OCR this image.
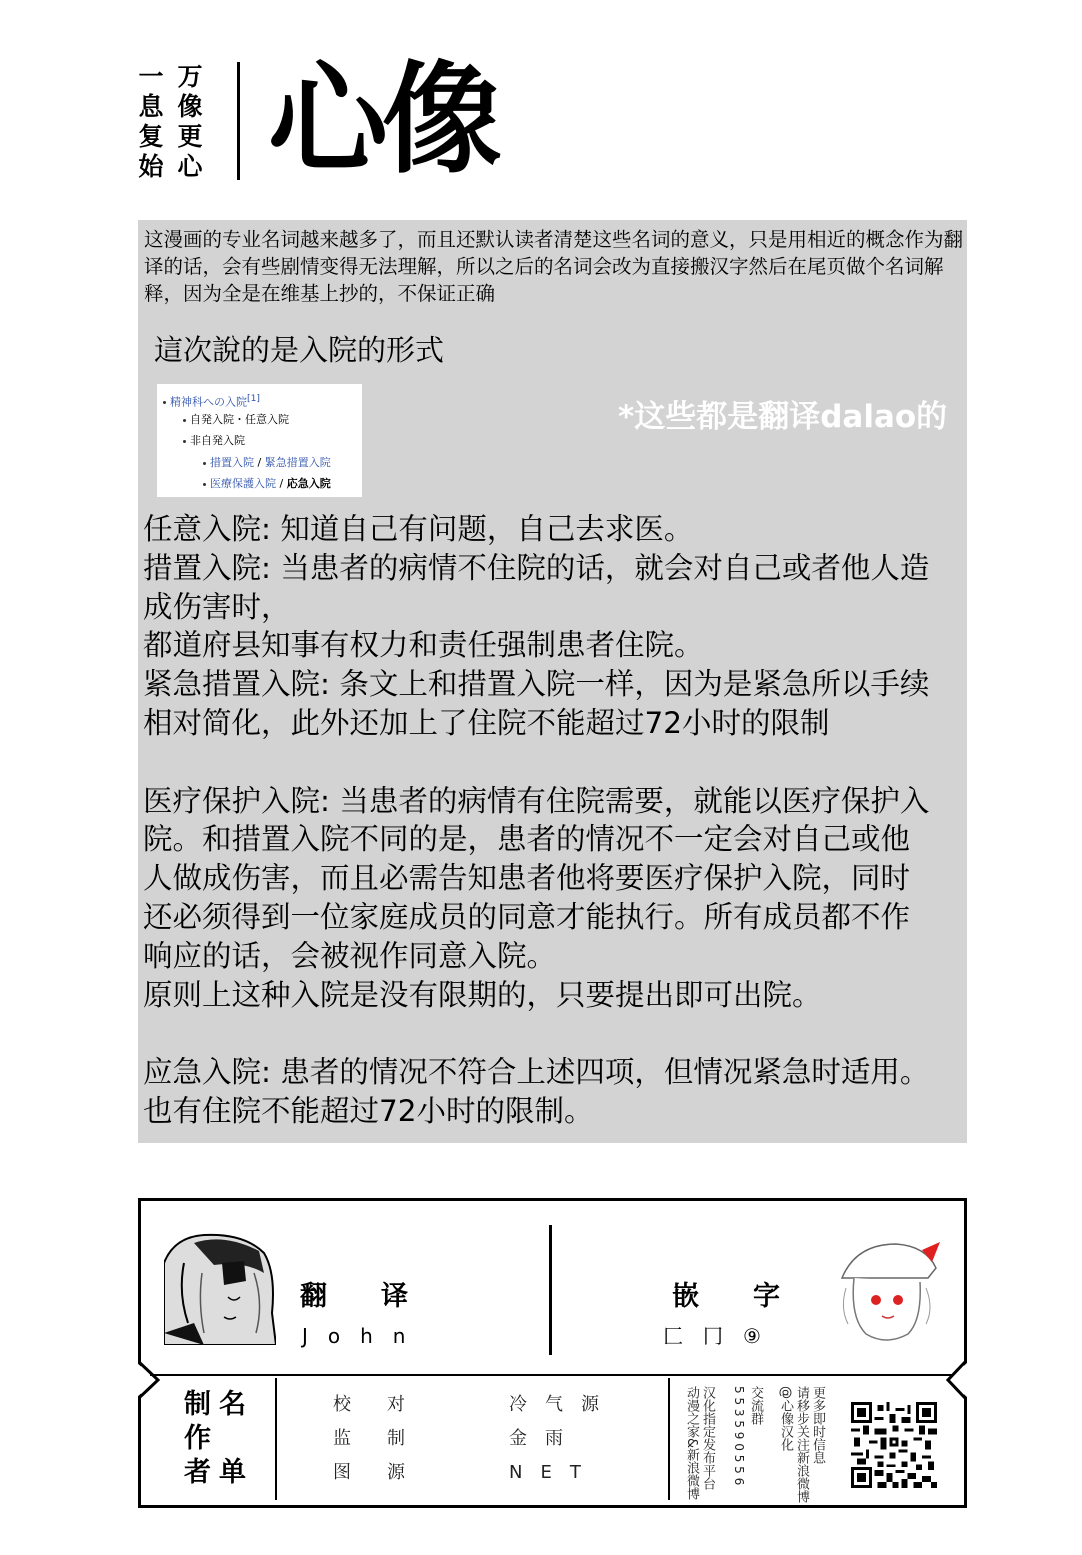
一
息
复
始
万
像
更
心 心像
这漫画的专业名词越来越多了，而且还默认读者清楚这些名词的意义，只是用相近的概念作为翻译的话，会有些剧情变得无法理解，所以之后的名词会改为直接搬汉字然后在尾页做个名词解释，因为全是在维基上抄的，不保证正确
這次說的是入院的形式
精神科への入院[1]
自発入院・任意入院
非自発入院
措置入院 / 緊急措置入院
医療保護入院 / 応急入院
*这些都是翻译dalao的

任意入院: 知道自己有问题，自己去求医。

措置入院: 当患者的病情不住院的话，就会对自己或者他人造

成伤害时，

都道府县知事有权力和责任强制患者住院。

紧急措置入院: 条文上和措置入院一样，因为是紧急所以手续

相对简化，此外还加上了住院不能超过72小时的限制

医疗保护入院: 当患者的病情有住院需要，就能以医疗保护入

院。和措置入院不同的是，患者的情况不一定会对自己或他

人做成伤害，而且必需告知患者他将要医疗保护入院，同时

还必须得到一位家庭成员的同意才能执行。所有成员都不作

响应的话，会被视作同意入院。

原则上这种入院是没有限期的，只要提出即可出院。

应急入院: 患者的情况不符合上述四项，但情况紧急时适用。

也有住院不能超过72小时的限制。

翻　　译
J　o　h　n
嵌　　字
匚　冂　⑨
制 名
作
者 单
校　　对	冷　气　源
监　　制	金　雨
图　　源	N　E　T	动漫之家&新浪微博 汉化指定发布平台 5 5 3 5 9 0 5 5 6 交流群 @心像汉化 请移步关注新浪微博 更多即时信息
